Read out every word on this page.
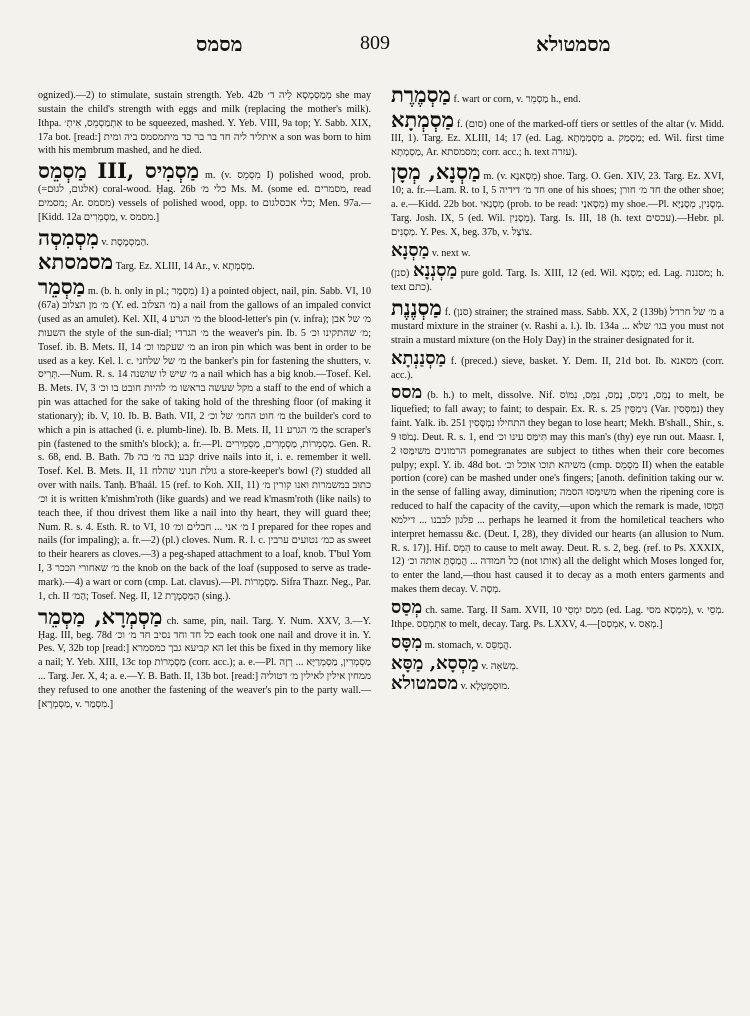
מסמס	809	מסמטולא

ognized).—2) to stimulate, sustain strength. Yeb. 42b מְמַסְמְסָא לֵיה ד׳ she may sustain the child's strength with eggs and milk (replacing the mother's milk). Ithpa. אִתְמַסְמֵס, אִיתְ׳ to be squeezed, mashed. Y. Yeb. VIII, 9a top; Y. Sabb. XIX, 17a bot. [read:] איתליד ליה חד בר בר כד מיתמסמס ביה ומית a son was born to him with his membrum mashed, and he died.

מַסְמֵס III, מַסְמִיס m. (v. מִסְמֵס I) polished wood, prob. (=אלגום, לגוּם) coral-wood. Ḥag. 26b כלי מ׳ Ms. M. (some ed. מסמרים, read מסמים; Ar. מסמס) vessels of polished wood, opp. to כלי אכסלגום; Men. 97a.—[Kidd. 12a מַסְמְרִים, v. מסמס.]

מִסְמִסְה v. הַמַסְמֶסֶת.

מסמסתא Targ. Ez. XLIII, 14 Ar., v. מַסְמְתָא.

מַסְמֵר m. (b. h. only in pl.; מִסְמָר) 1) a pointed object, nail, pin. Sabb. VI, 10 (67a) מ׳ מן הצלוב (Y. ed. מ׳ הצלוב) a nail from the gallows of an impaled convict (used as an amulet). Kel. XII, 4 מ׳ הגרע the blood-letter's pin (v. infra); מ׳ של אבן השעות the style of the sun-dial; מ׳ הגרדי the weaver's pin. Ib. 5 מ׳ שהתקינו וכ׳; Tosef. ib. B. Mets. II, 14 מ׳ שעקמו וכ׳ an iron pin which was bent in order to be used as a key. Kel. l. c. מ׳ של שלחני the banker's pin for fastening the shutters, v. תְּרִיס.—Num. R. s. 14 מ׳ שיש לו שושנה a nail which has a big knob.—Tosef. Kel. B. Mets. IV, 3 מקל שעשה בראשו מ׳ להיות חובט בו וכ׳ a staff to the end of which a pin was attached for the sake of taking hold of the threshing floor (of making it stationary); ib. V, 10. Ib. B. Bath. VII, 2 מ׳ חוט החמ׳ של וכ׳ the builder's cord to which a pin is attached (i. e. plumb-line). Ib. B. Mets. II, 11 מ׳ הגרע the scraper's pin (fastened to the smith's block); a. fr.—Pl. מַסְמְרוֹת, מַסְמְרִים, מַסְמֵירִים. Gen. R. s. 68, end. B. Bath. 7b קבע בה מ׳ בה drive nails into it, i. e. remember it well. Tosef. Kel. B. Mets. II, 11 גולת חנוני שהלח a store-keeper's bowl (?) studded all over with nails. Tanḥ. B'haál. 15 (ref. to Koh. XII, 11) כתוב במשמרות ואנו קורין מ׳ וכ׳ it is written k'mishm'roth (like guards) and we read k'masm'roth (like nails) to teach thee, if thou drivest them like a nail into thy heart, they will guard thee; Num. R. s. 4. Esth. R. to VI, 10 מ׳ אני ... חבלים ומ׳ I prepared for thee ropes and nails (for impaling); a. fr.—2) (pl.) cloves. Num. R. l. c. כמ׳ נטועים ערבין as sweet to their hearers as cloves.—3) a peg-shaped attachment to a loaf, knob. T'bul Yom I, 3 מ׳ שאחורי הככר the knob on the back of the loaf (supposed to serve as trade-mark).—4) a wart or corn (cmp. Lat. clavus).—Pl. מַסְמְרוֹת. Sifra Thazr. Neg., Par. 1, ch. II הַמ׳; Tosef. Neg. II, 12 הַמַּסְמֶרֶת (sing.).

מַסְמְרָא, מַסְמֵר ch. same, pin, nail. Targ. Y. Num. XXV, 3.—Y. Ḥag. III, beg. 78d כל חד וחד נסיב חד מ׳ וכ׳ each took one nail and drove it in. Y. Pes. V, 32b top [read:] הא קביעא גבך כמסמרא let this be fixed in thy memory like a nail; Y. Yeb. XIII, 13c top מַסְמְרוֹת (corr. acc.); a. e.—Pl. מַסְמְרִין, מַסְמְרַיָּא ... רְזָה ... Targ. Jer. X, 4; a. e.—Y. B. Bath. II, 13b bot. [read:] ממחין אילין לאילין מ׳ דטוליה they refused to one another the fastening of the weaver's pin to the party wall.—[מַסְמְרָא, v. מִסְמַר.]

מַסְמֶרֶת f. wart or corn, v. מַסְמֵר h., end.

מַסְמְתָא f. (סום) one of the marked-off tiers or settles of the altar (v. Midd. III, 1). Targ. Ez. XLIII, 14; 17 (ed. Lag. מַסְמַמְתָא a. מַסְמַק; ed. Wil. first time מַסְמְתָא, Ar. מסמסתא; corr. acc.; h. text עזרה).

מַסְנָא, מְסָן m. (v. מְסָאנָא) shoe. Targ. O. Gen. XIV, 23. Targ. Ez. XVI, 10; a. fr.—Lam. R. to I, 5 חד מ׳ דידיה one of his shoes; חד מ׳ חורן the other shoe; a. e.—Kidd. 22b bot. מְסָנַאי (prob. to be read: מְסָאנַי) my shoe.—Pl. מְסָנִין, מְסָנַיָּא. Targ. Josh. IX, 5 (ed. Wil. מְסָנִין). Targ. Is. III, 18 (h. text עכסים).—Hebr. pl. מְסָנִים. Y. Pes. X, beg. 37b, v. צוֹצָל.

מַסְנָא v. next w.

מַסְנְנָא (סנן) pure gold. Targ. Is. XIII, 12 (ed. Wil. מַסְנָא; ed. Lag. מסננה; h. text כתם).

מַסְנֶנֶת f. (סנן) strainer; the strained mass. Sabb. XX, 2 (139b) מ׳ של חרדל a mustard mixture in the strainer (v. Rashi a. l.). Ib. 134a ... בגו׳ שלא you must not strain a mustard mixture (on the Holy Day) in the strainer designated for it.

מַסְנַנְתָא f. (preced.) sieve, basket. Y. Dem. II, 21d bot. Ib. מסאנא (corr. acc.).

מסס (b. h.) to melt, dissolve. Nif. נָמֵס, נִימַס, נָמַס, נִמֵּס, נִמּוֹס to melt, be liquefied; to fall away; to faint; to despair. Ex. R. s. 25 נִימַסֵּין (Var. נִמַּסְּסִין) they faint. Yalk. ib. 251 התחילו נִמְסָּסִין they began to lose heart; Mekh. B'shall., Shir., s. 9 נָמֹסּוּ. Deut. R. s. 1, end תִּימַּס עינו וכ׳ may this man's (thy) eye run out. Maasr. I, 2 הרמונים משיִמַּסּוּ pomegranates are subject to tithes when their core becomes pulpy; expl. Y. ib. 48d bot. משיהא תוכו אוכל וכ׳ (cmp. מִסְמֵס II) when the eatable portion (core) can be mashed under one's fingers; [anoth. definition taking our w. in the sense of falling away, diminution; משיִמַּסוּ הסמה when the ripening core is reduced to half the capacity of the cavity,—upon which the remark is made, הַמָּסוּ ... פלגון לבבנו ... דילמא perhaps he learned it from the homiletical teachers who interpret hemassu &c. (Deut. I, 28), they divided our hearts (an allusion to Num. R. s. 17)]. Hif. הֵמֵס to cause to melt away. Deut. R. s. 2, beg. (ref. to Ps. XXXIX, 12) כל חמודה ... הֲמַסְתָּ אותה וכ׳ (not אותו) all the delight which Moses longed for, to enter the land,—thou hast caused it to decay as a moth enters garments and makes them decay. V. מְסָה.

מְסַס ch. same. Targ. II Sam. XVII, 10 מִמַס יִמְסֵי (ed. Lag. מִמְסָא מסי), v. מְסֵי. Ithpe. אִתְמְסֵס to melt, decay. Targ. Ps. LXXV, 4.—[אִמְסַס, v. מְאַס.]

מִסָּס m. stomach, v. הֲמַסֵּס.

מַסְסָא, מַסָּא v. מְשׂאָה.

מסמטולא v. מוּסְמְטְלָא.
